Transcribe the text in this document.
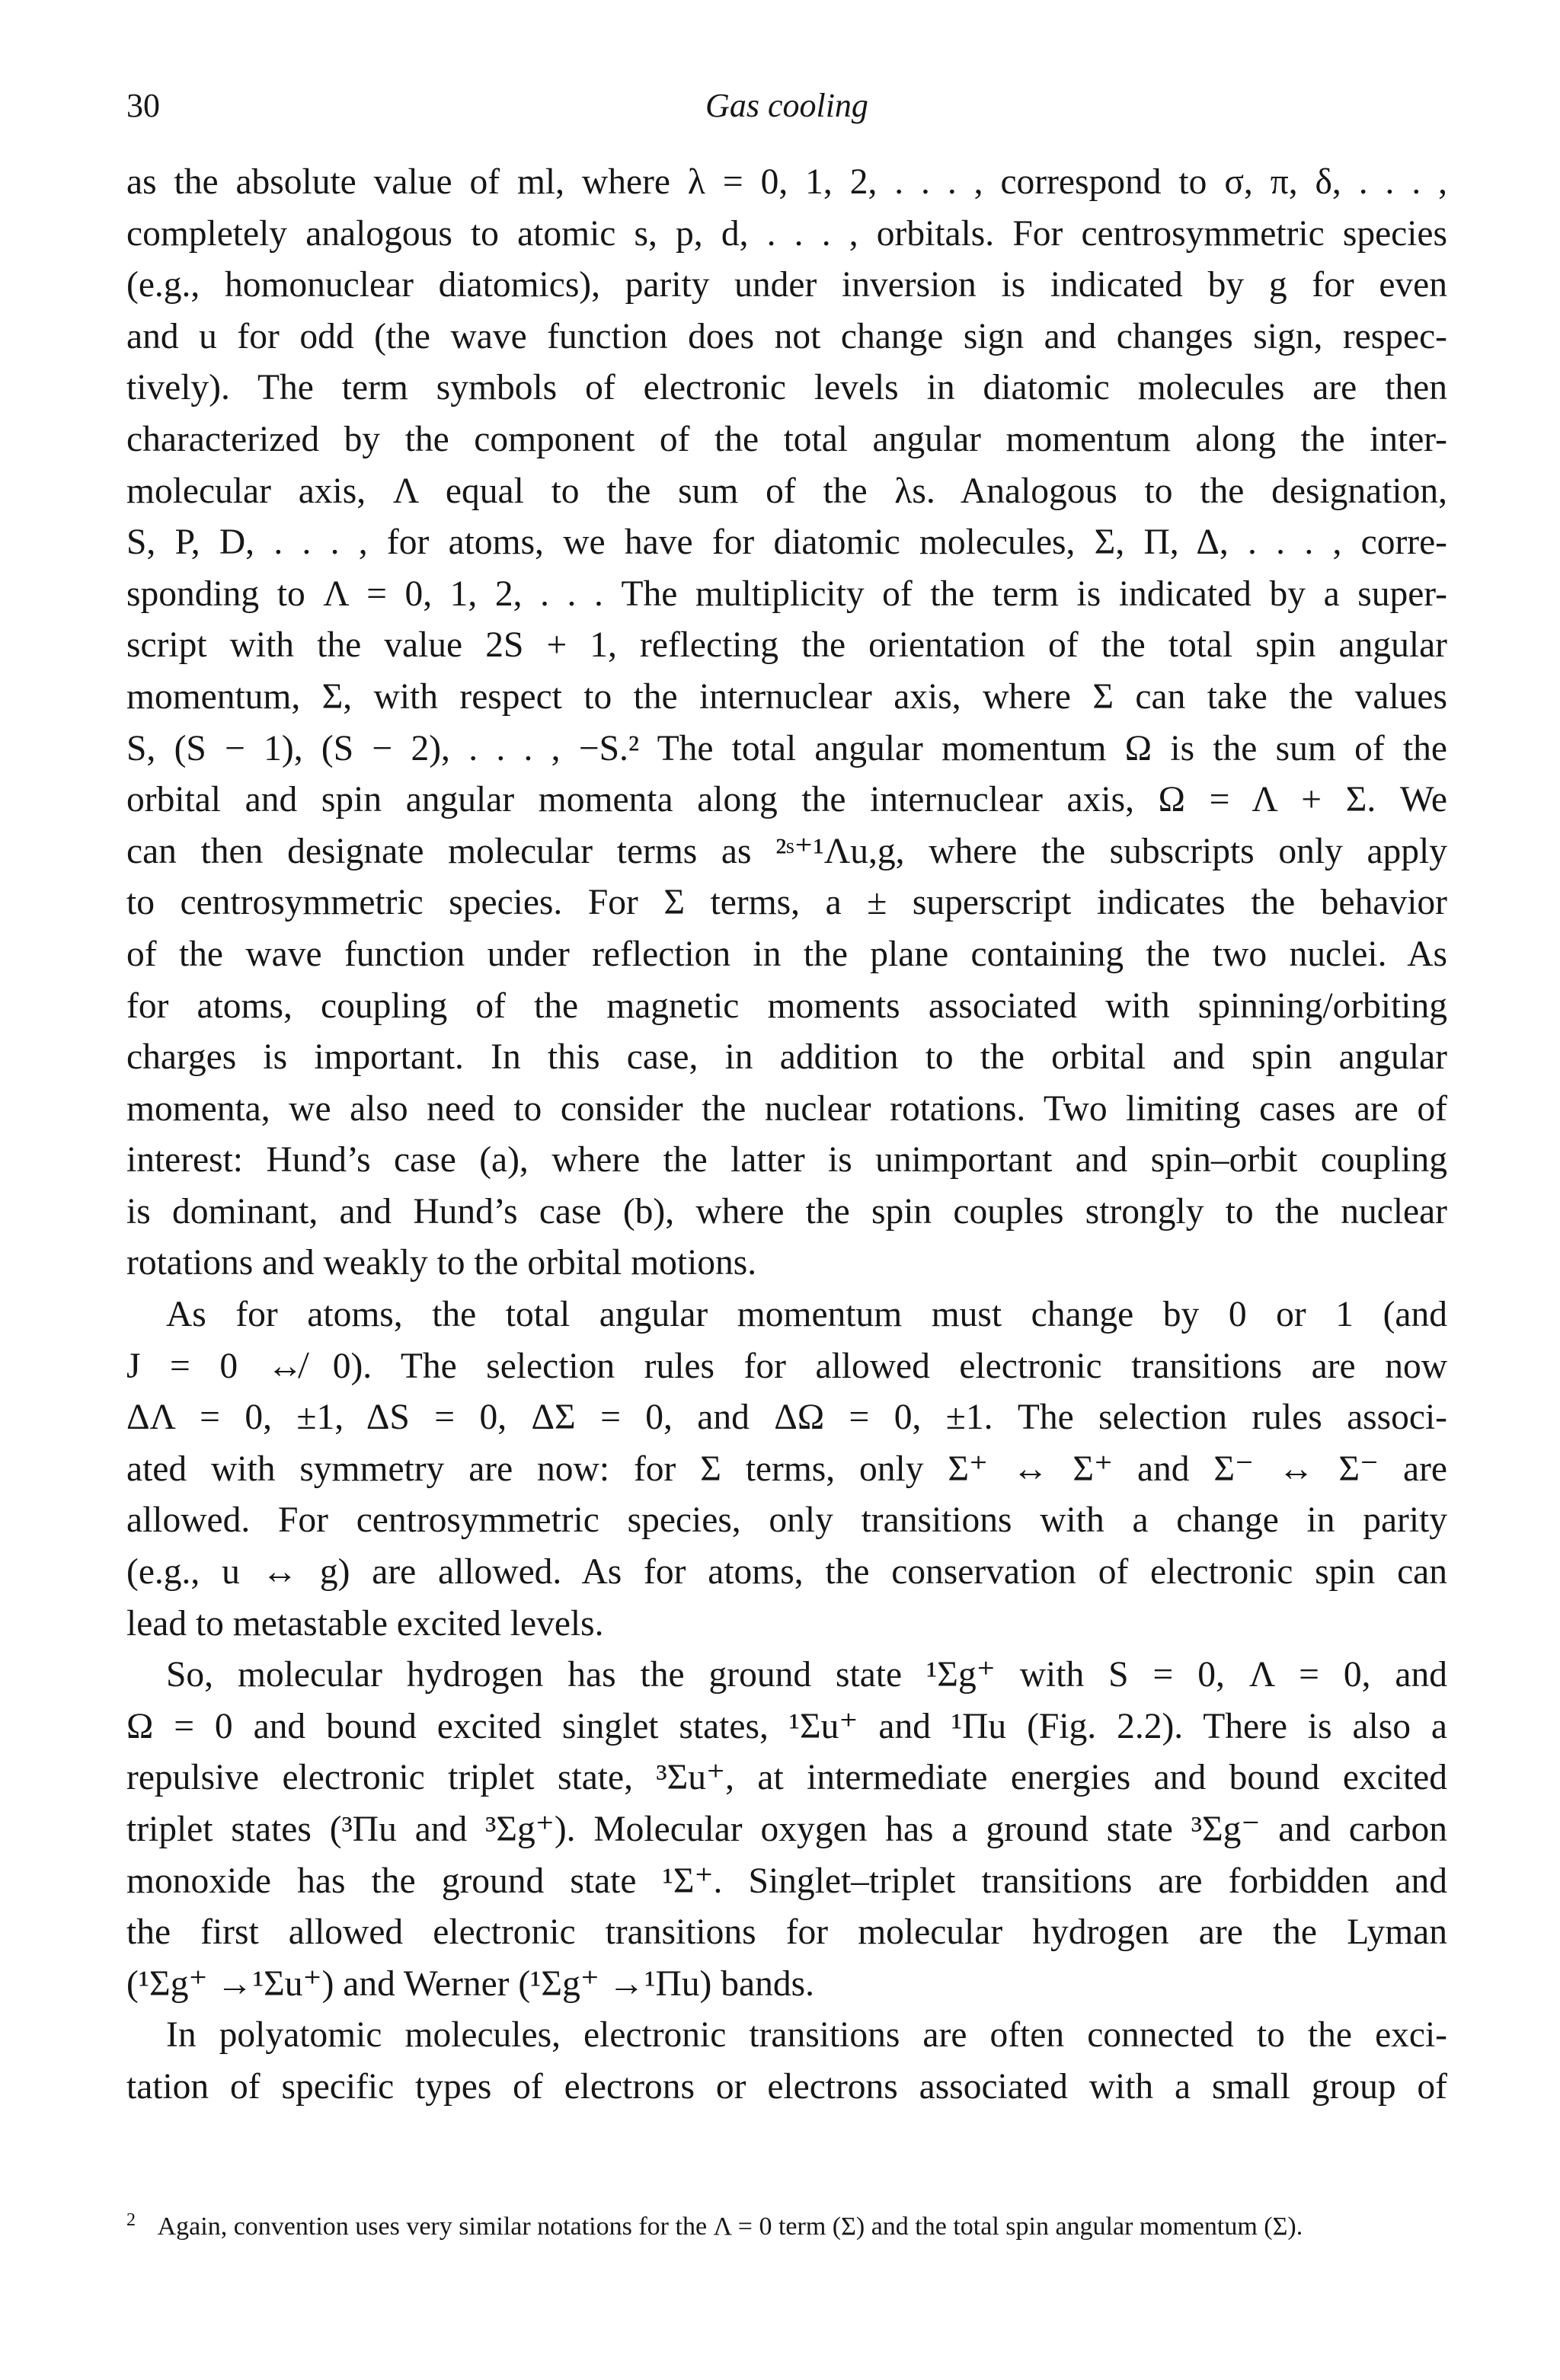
30	Gas cooling
as the absolute value of ml, where λ = 0, 1, 2, . . . , correspond to σ, π, δ, . . . ,
completely analogous to atomic s, p, d, . . . , orbitals. For centrosymmetric species
(e.g., homonuclear diatomics), parity under inversion is indicated by g for even
and u for odd (the wave function does not change sign and changes sign, respec-
tively). The term symbols of electronic levels in diatomic molecules are then
characterized by the component of the total angular momentum along the inter-
molecular axis, Λ equal to the sum of the λs. Analogous to the designation,
S, P, D, . . . , for atoms, we have for diatomic molecules, Σ, Π, Δ, . . . , corre-
sponding to Λ = 0, 1, 2, . . . The multiplicity of the term is indicated by a super-
script with the value 2S + 1, reflecting the orientation of the total spin angular
momentum, Σ, with respect to the internuclear axis, where Σ can take the values
S, (S − 1), (S − 2), . . . , −S.² The total angular momentum Ω is the sum of the
orbital and spin angular momenta along the internuclear axis, Ω = Λ + Σ. We
can then designate molecular terms as ²ˢ⁺¹Λu,g, where the subscripts only apply
to centrosymmetric species. For Σ terms, a ± superscript indicates the behavior
of the wave function under reflection in the plane containing the two nuclei. As
for atoms, coupling of the magnetic moments associated with spinning/orbiting
charges is important. In this case, in addition to the orbital and spin angular
momenta, we also need to consider the nuclear rotations. Two limiting cases are of
interest: Hund’s case (a), where the latter is unimportant and spin–orbit coupling
is dominant, and Hund’s case (b), where the spin couples strongly to the nuclear
rotations and weakly to the orbital motions.
As for atoms, the total angular momentum must change by 0 or 1 (and
J = 0 ↮ 0). The selection rules for allowed electronic transitions are now
ΔΛ = 0, ±1, ΔS = 0, ΔΣ = 0, and ΔΩ = 0, ±1. The selection rules associ-
ated with symmetry are now: for Σ terms, only Σ⁺ ↔ Σ⁺ and Σ⁻ ↔ Σ⁻ are
allowed. For centrosymmetric species, only transitions with a change in parity
(e.g., u ↔ g) are allowed. As for atoms, the conservation of electronic spin can
lead to metastable excited levels.
So, molecular hydrogen has the ground state ¹Σg⁺ with S = 0, Λ = 0, and
Ω = 0 and bound excited singlet states, ¹Σu⁺ and ¹Πu (Fig. 2.2). There is also a
repulsive electronic triplet state, ³Σu⁺, at intermediate energies and bound excited
triplet states (³Πu and ³Σg⁺). Molecular oxygen has a ground state ³Σg⁻ and carbon
monoxide has the ground state ¹Σ⁺. Singlet–triplet transitions are forbidden and
the first allowed electronic transitions for molecular hydrogen are the Lyman
(¹Σg⁺ →¹Σu⁺) and Werner (¹Σg⁺ →¹Πu) bands.
In polyatomic molecules, electronic transitions are often connected to the exci-
tation of specific types of electrons or electrons associated with a small group of
2 Again, convention uses very similar notations for the Λ = 0 term (Σ) and the total spin angular momentum (Σ).
